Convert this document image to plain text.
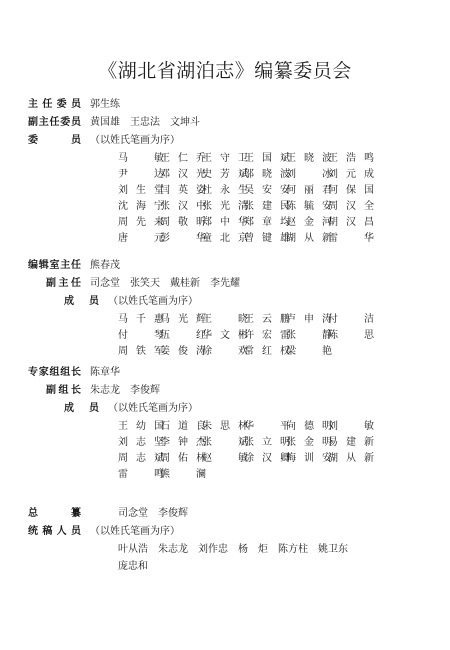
《湖北省湖泊志》编纂委员会
主任委员 郭生练
副主任委员 黄国雄　王忠法　文坤斗
委员 （以姓氏笔画为序）
马　敏
王仁乔
王守卫
王国斌
王晓波
王浩鸣
尹　达
邓汉光
史芳斌
邬晓波
刘　冰
刘元成
刘生堂
闫英姿
杜永生
吴安安
何丽君
何保国
沈海宁
张汉中
张光清
张建民
陈毓安
周汉全
周先来
周敬昕
郑中华
郑章均
赵金河
胡汉昌
唐　元
彭　华
童北京
曾键雄
湖从新
雷　华
编辑室主任 熊春茂
副主任 司念堂　张笑天　戴桂新　李先耀
成员 （以姓氏笔画为序）
马千惠
马光辉
王　晓
王云鹏
卢申涛
付　洁
付　琴
伍　红
华文彬
许宏雷
张　静
陈　思
周铁军
姜俊涛
徐　欢
常红权
梁　艳
专家组组长 陈章华
副组长 朱志龙　李俊辉
成员 （以姓氏笔画为序）
王幼国
石道良
朱思林
华　平
向德明
刘　敏
刘志坚
李钟杰
张　斌
张立明
张金明
易建新
周志斌
周佑林
赵　敏
徐汉卿
梅训安
湖从新
雷　鸣
熊　澜
总纂	司念堂　李俊辉
统稿人员 （以姓氏笔画为序）
叶从浩　朱志龙　刘作忠　杨　炬　陈方柱　姚卫东
庞忠和
